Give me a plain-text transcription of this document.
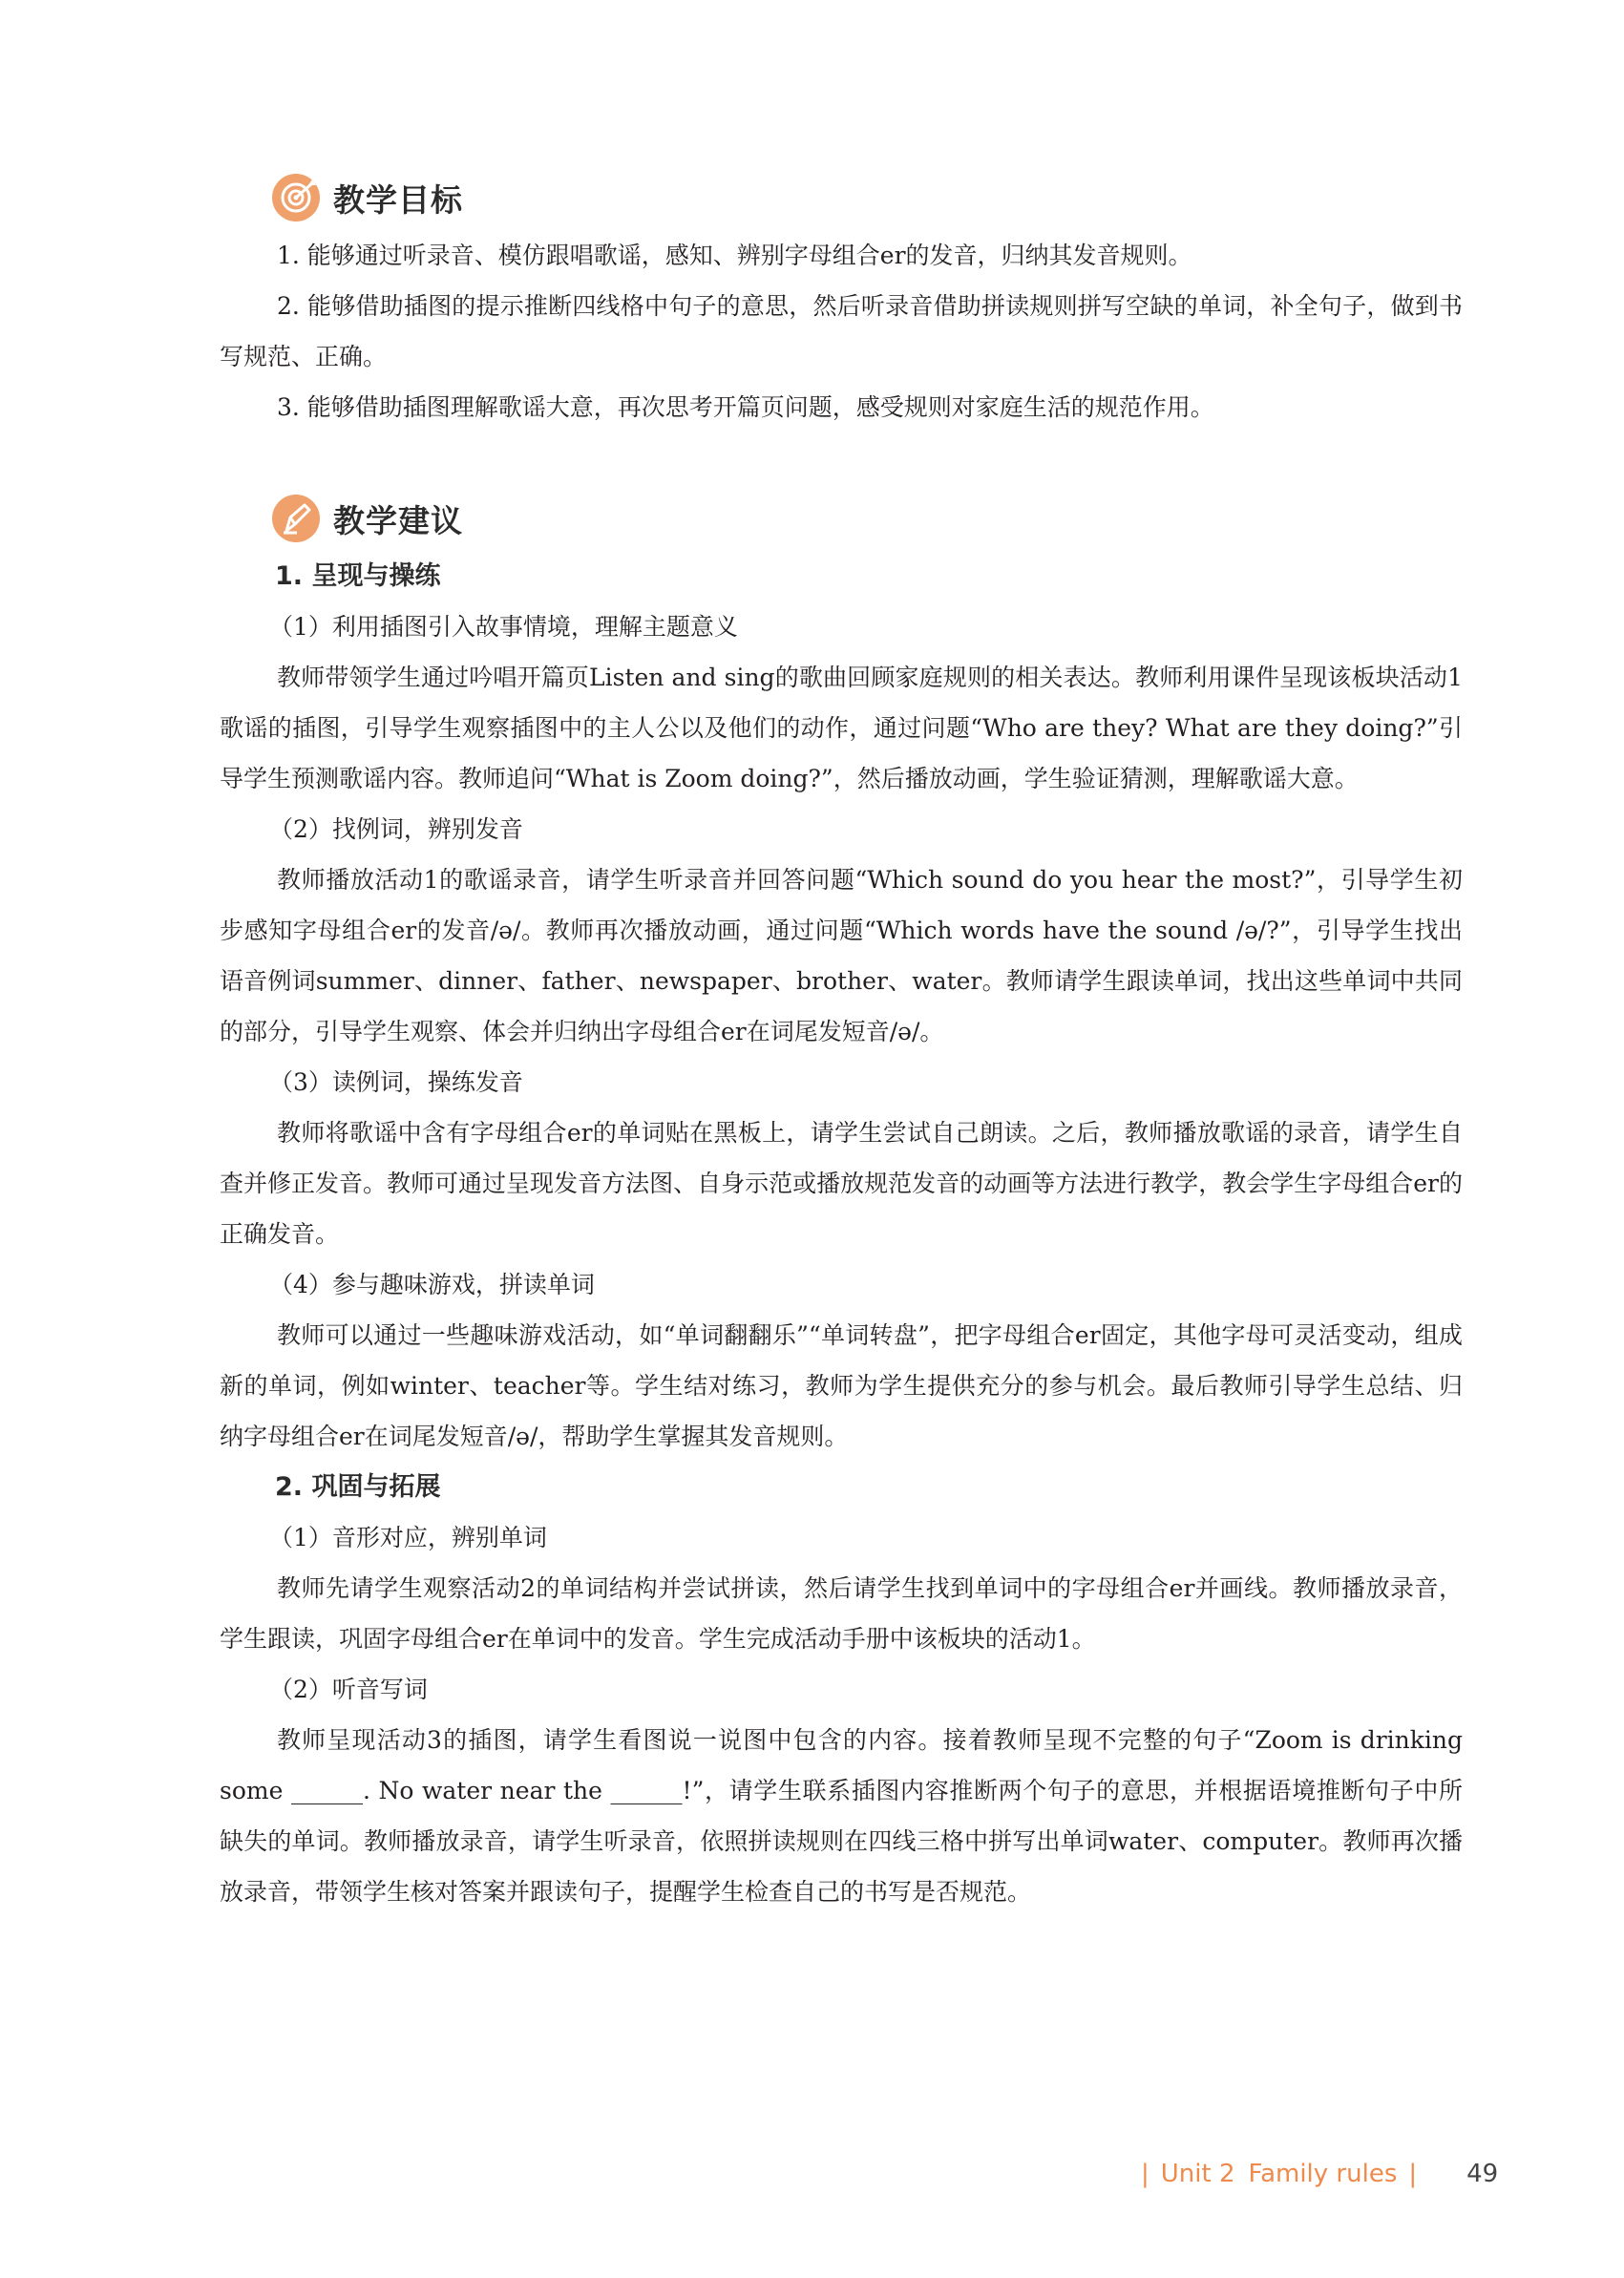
教学目标

1. 能够通过听录音、模仿跟唱歌谣，感知、辨别字母组合er的发音，归纳其发音规则。

2. 能够借助插图的提示推断四线格中句子的意思，然后听录音借助拼读规则拼写空缺的单词，补全句子，做到书写规范、正确。

3. 能够借助插图理解歌谣大意，再次思考开篇页问题，感受规则对家庭生活的规范作用。

教学建议

1. 呈现与操练

（1）利用插图引入故事情境，理解主题意义

教师带领学生通过吟唱开篇页Listen and sing的歌曲回顾家庭规则的相关表达。教师利用课件呈现该板块活动1歌谣的插图，引导学生观察插图中的主人公以及他们的动作，通过问题“Who are they? What are they doing?”引导学生预测歌谣内容。教师追问“What is Zoom doing?”，然后播放动画，学生验证猜测，理解歌谣大意。

（2）找例词，辨别发音

教师播放活动1的歌谣录音，请学生听录音并回答问题“Which sound do you hear the most?”，引导学生初步感知字母组合er的发音/ə/。教师再次播放动画，通过问题“Which words have the sound /ə/?”，引导学生找出语音例词summer、dinner、father、newspaper、brother、water。教师请学生跟读单词，找出这些单词中共同的部分，引导学生观察、体会并归纳出字母组合er在词尾发短音/ə/。

（3）读例词，操练发音

教师将歌谣中含有字母组合er的单词贴在黑板上，请学生尝试自己朗读。之后，教师播放歌谣的录音，请学生自查并修正发音。教师可通过呈现发音方法图、自身示范或播放规范发音的动画等方法进行教学，教会学生字母组合er的正确发音。

（4）参与趣味游戏，拼读单词

教师可以通过一些趣味游戏活动，如“单词翻翻乐”“单词转盘”，把字母组合er固定，其他字母可灵活变动，组成新的单词，例如winter、teacher等。学生结对练习，教师为学生提供充分的参与机会。最后教师引导学生总结、归纳字母组合er在词尾发短音/ə/，帮助学生掌握其发音规则。

2. 巩固与拓展

（1）音形对应，辨别单词

教师先请学生观察活动2的单词结构并尝试拼读，然后请学生找到单词中的字母组合er并画线。教师播放录音，学生跟读，巩固字母组合er在单词中的发音。学生完成活动手册中该板块的活动1。

（2）听音写词

教师呈现活动3的插图，请学生看图说一说图中包含的内容。接着教师呈现不完整的句子“Zoom is drinking some ______. No water near the ______!”，请学生联系插图内容推断两个句子的意思，并根据语境推断句子中所缺失的单词。教师播放录音，请学生听录音，依照拼读规则在四线三格中拼写出单词water、computer。教师再次播放录音，带领学生核对答案并跟读句子，提醒学生检查自己的书写是否规范。

| Unit 2 Family rules | 49
